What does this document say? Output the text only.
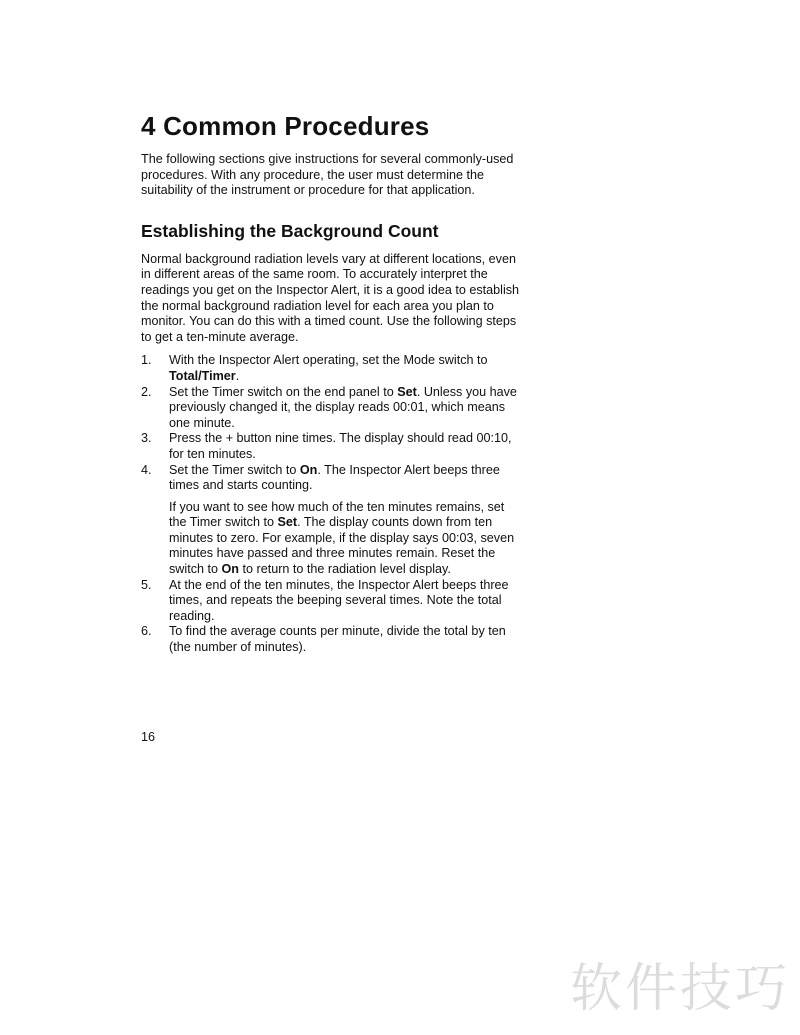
4 Common Procedures

The following sections give instructions for several commonly-used procedures. With any procedure, the user must determine the suitability of the instrument or procedure for that application.

Establishing the Background Count

Normal background radiation levels vary at different locations, even in different areas of the same room. To accurately interpret the readings you get on the Inspector Alert, it is a good idea to establish the normal background radiation level for each area you plan to monitor. You can do this with a timed count. Use the following steps to get a ten-minute average.

1.	With the Inspector Alert operating, set the Mode switch to Total/Timer.
2.	Set the Timer switch on the end panel to Set. Unless you have previously changed it, the display reads 00:01, which means one minute.
3.	Press the + button nine times. The display should read 00:10, for ten minutes.
4.	Set the Timer switch to On. The Inspector Alert beeps three times and starts counting.
If you want to see how much of the ten minutes remains, set the Timer switch to Set. The display counts down from ten minutes to zero. For example, if the display says 00:03, seven minutes have passed and three minutes remain. Reset the switch to On to return to the radiation level display.
5.	At the end of the ten minutes, the Inspector Alert beeps three times, and repeats the beeping several times. Note the total reading.
6.	To find the average counts per minute, divide the total by ten (the number of minutes).
16
软件技巧
